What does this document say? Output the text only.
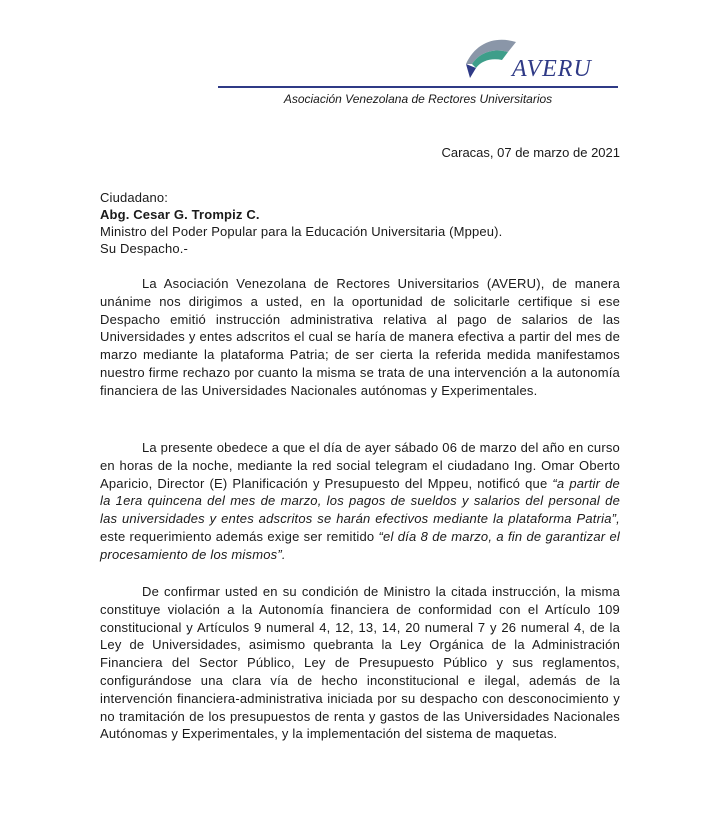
AVERU
Asociación Venezolana de Rectores Universitarios
Caracas, 07 de marzo de 2021
Ciudadano:
Abg. Cesar G. Trompiz C.
Ministro del Poder Popular para la Educación Universitaria (Mppeu).
Su Despacho.-
La Asociación Venezolana de Rectores Universitarios (AVERU), de manera unánime nos dirigimos a usted, en la oportunidad de solicitarle certifique si ese Despacho emitió instrucción administrativa relativa al pago de salarios de las Universidades y entes adscritos el cual se haría de manera efectiva a partir del mes de marzo mediante la plataforma Patria; de ser cierta la referida medida manifestamos nuestro firme rechazo por cuanto la misma se trata de una intervención a la autonomía financiera de las Universidades Nacionales autónomas y Experimentales.
La presente obedece a que el día de ayer sábado 06 de marzo del año en curso en horas de la noche, mediante la red social telegram el ciudadano Ing. Omar Oberto Aparicio, Director (E) Planificación y Presupuesto del Mppeu, notificó que “a partir de la 1era quincena del mes de marzo, los pagos de sueldos y salarios del personal de las universidades y entes adscritos se harán efectivos mediante la plataforma Patria”, este requerimiento además exige ser remitido “el día 8 de marzo, a fin de garantizar el procesamiento de los mismos”.
De confirmar usted en su condición de Ministro la citada instrucción, la misma constituye violación a la Autonomía financiera de conformidad con el Artículo 109 constitucional y Artículos 9 numeral 4, 12, 13, 14, 20 numeral 7 y 26 numeral 4, de la Ley de Universidades, asimismo quebranta la Ley Orgánica de la Administración Financiera del Sector Público, Ley de Presupuesto Público y sus reglamentos, configurándose una clara vía de hecho inconstitucional e ilegal, además de la intervención financiera-administrativa iniciada por su despacho con desconocimiento y no tramitación de los presupuestos de renta y gastos de las Universidades Nacionales Autónomas y Experimentales, y la implementación del sistema de maquetas.
